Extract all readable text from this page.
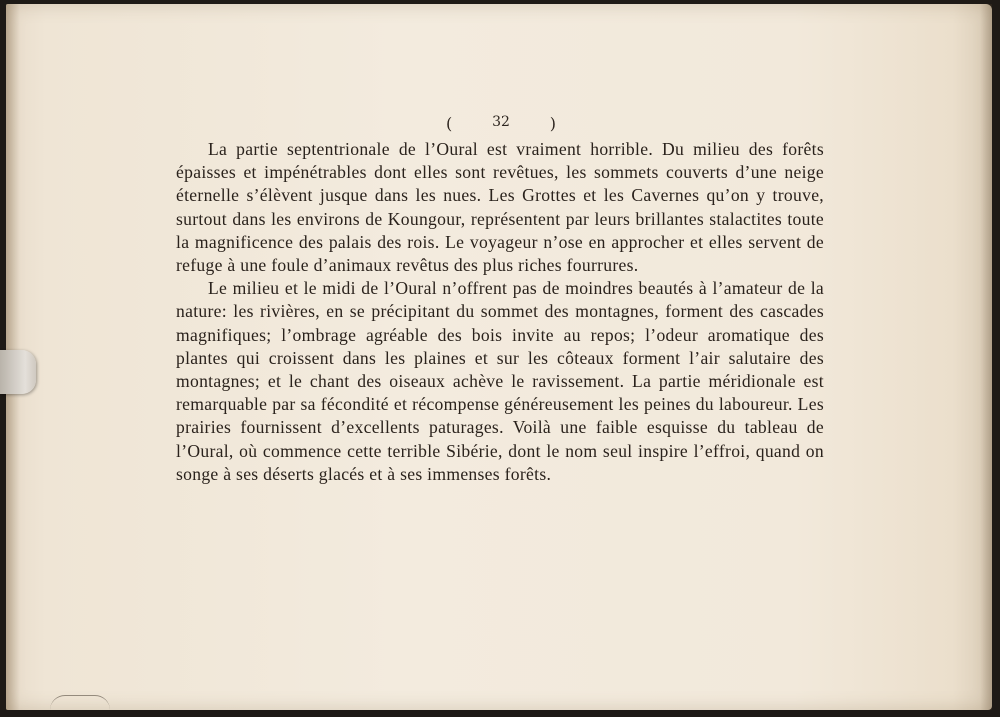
(	32 )

La partie septentrionale de l’Oural est vraiment horrible. Du milieu des forêts épaisses et impénétrables dont elles sont revêtues, les sommets couverts d’une neige éternelle s’élèvent jusque dans les nues. Les Grottes et les Cavernes qu’on y trouve, surtout dans les environs de Koungour, représentent par leurs brillantes stalactites toute la magnificence des palais des rois. Le voyageur n’ose en approcher et elles servent de refuge à une foule d’animaux revêtus des plus riches fourrures.

Le milieu et le midi de l’Oural n’offrent pas de moindres beautés à l’amateur de la nature: les rivières, en se précipitant du sommet des montagnes, forment des cascades magnifiques; l’ombrage agréable des bois invite au repos; l’odeur aromatique des plantes qui croissent dans les plaines et sur les côteaux forment l’air salutaire des montagnes; et le chant des oiseaux achève le ravissement. La partie méridionale est remarquable par sa fécondité et récompense généreusement les peines du laboureur. Les prairies fournissent d’excellents paturages. Voilà une faible esquisse du tableau de l’Oural, où commence cette terrible Sibérie, dont le nom seul inspire l’effroi, quand on songe à ses déserts glacés et à ses immenses forêts.
